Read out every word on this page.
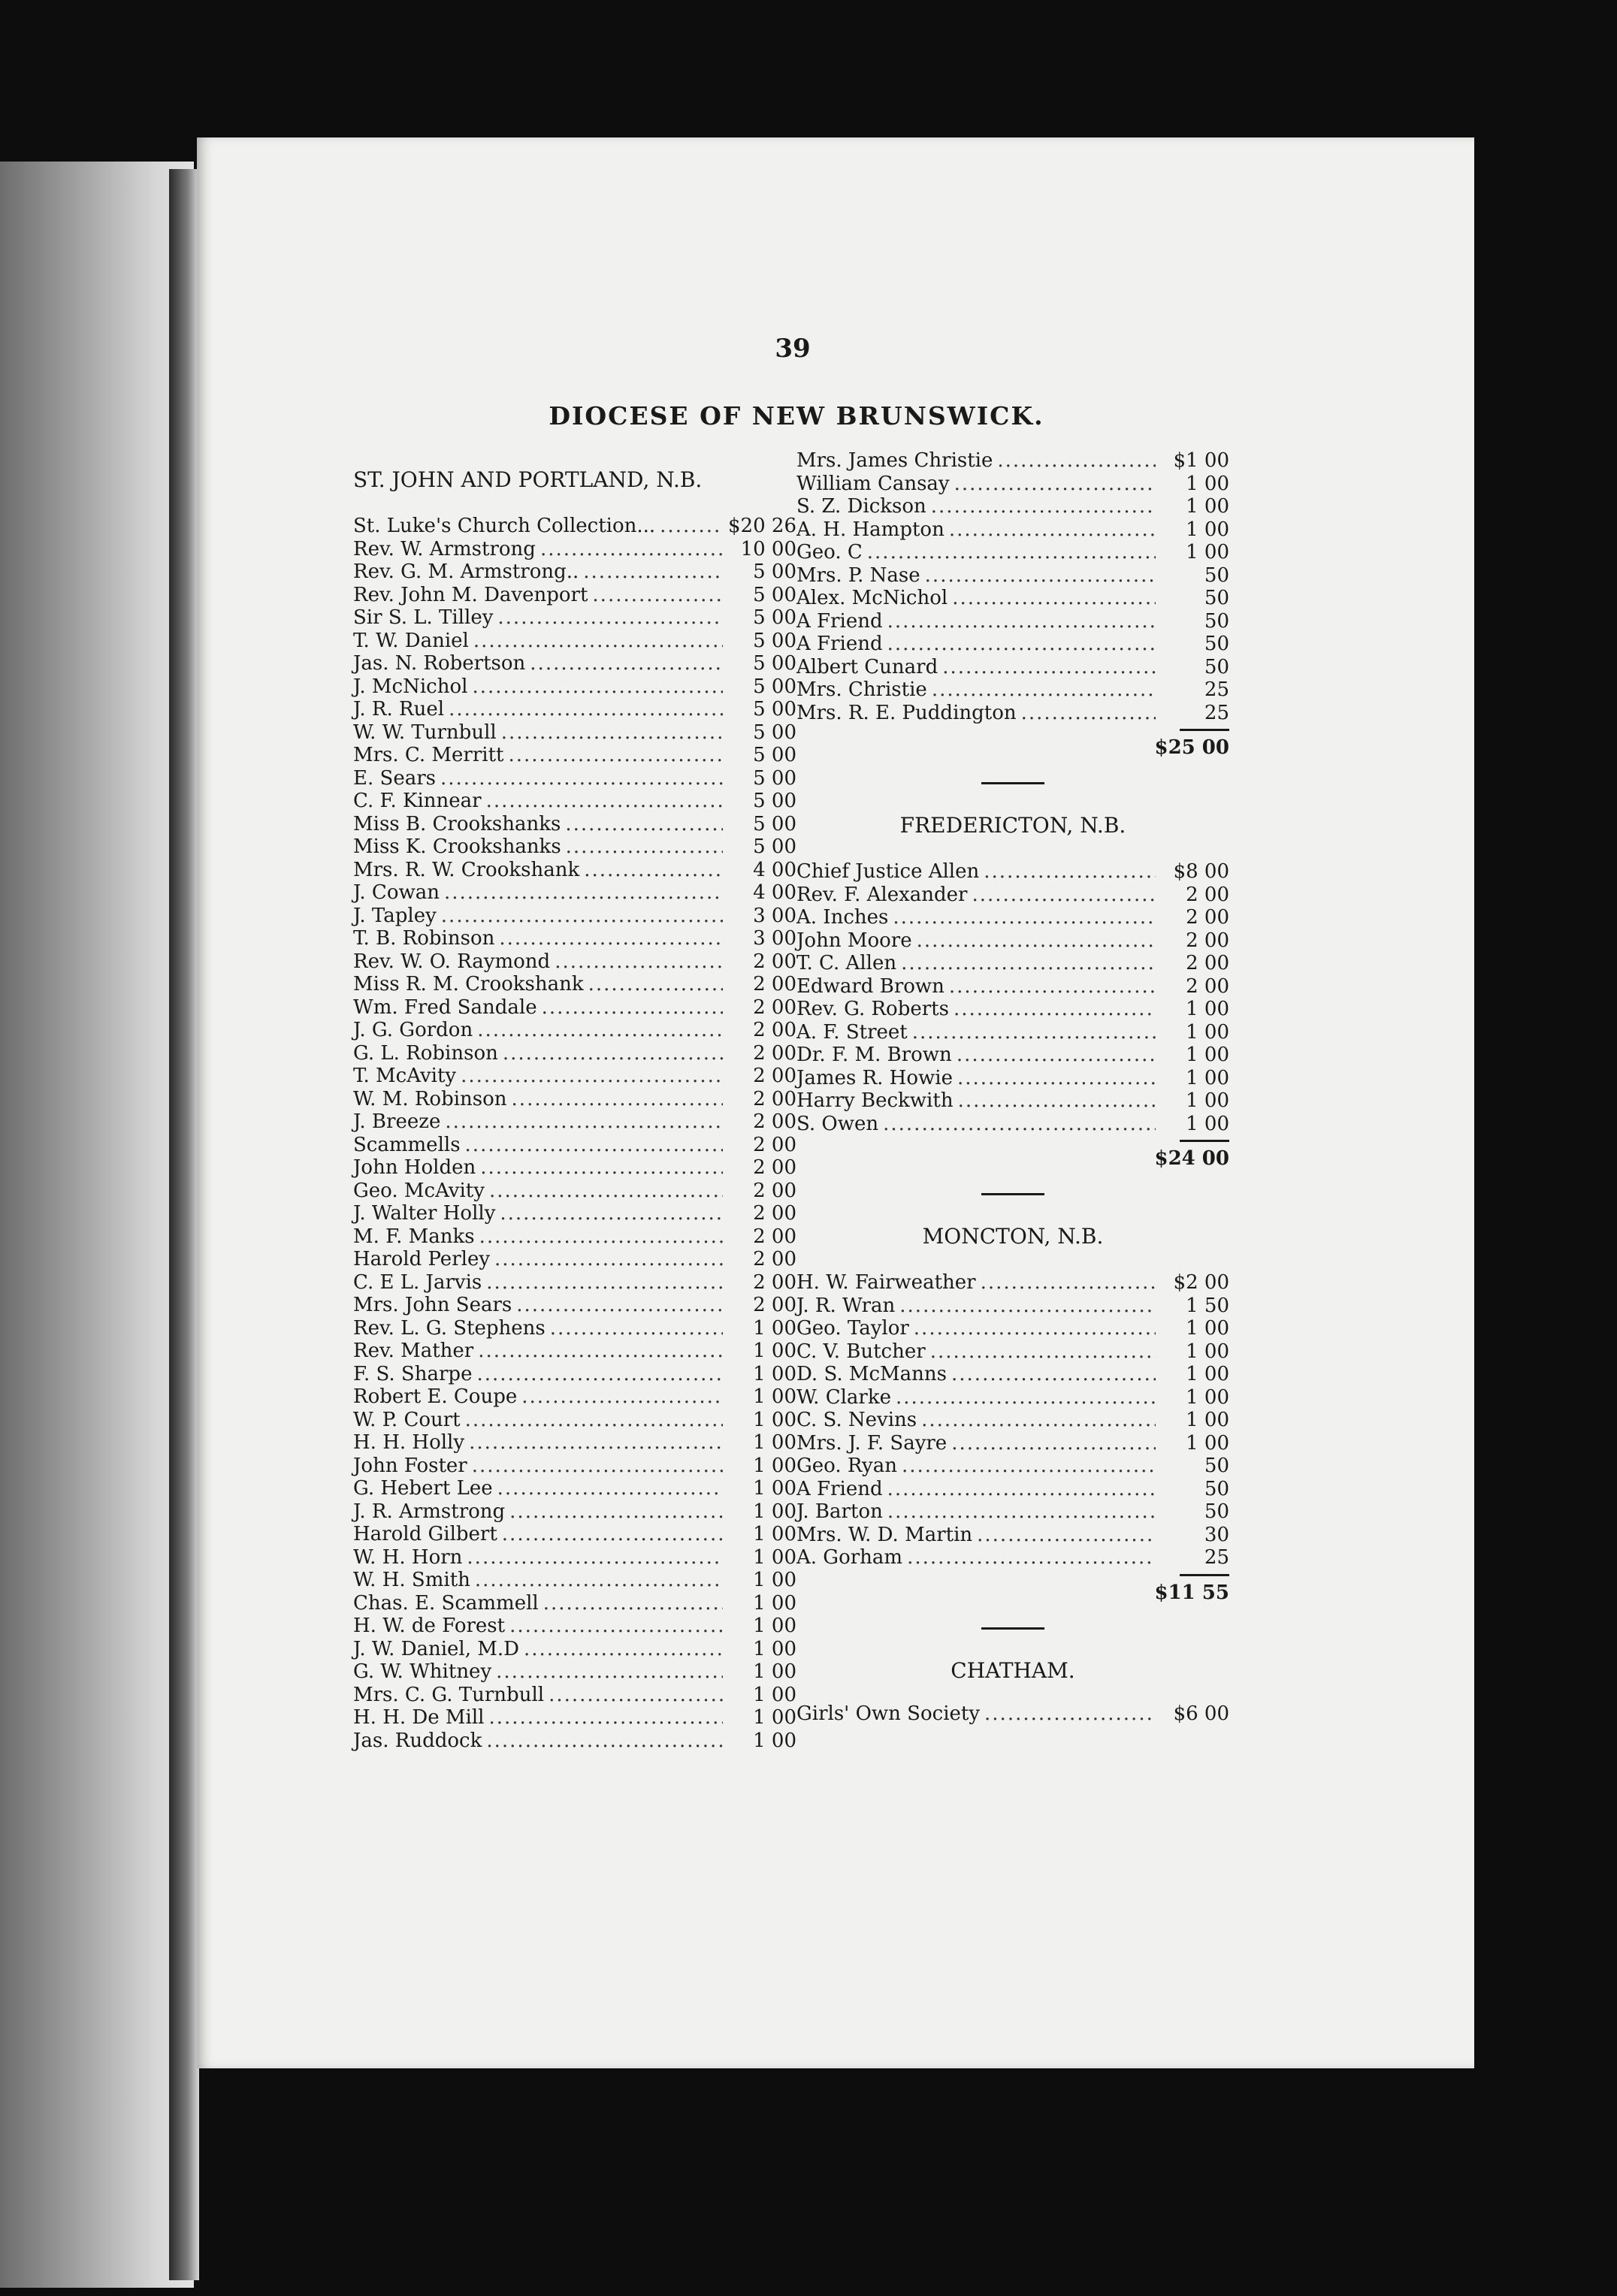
39
DIOCESE OF NEW BRUNSWICK.
ST. JOHN AND PORTLAND, N.B.
St. Luke's Church Collection... .....	$20 26
Rev. W. Armstrong .....	10 00
Rev. G. M. Armstrong.. .....	5 00
Rev. John M. Davenport .....	5 00
Sir S. L. Tilley .....	5 00
T. W. Daniel .....	5 00
Jas. N. Robertson .....	5 00
J. McNichol .....	5 00
J. R. Ruel .....	5 00
W. W. Turnbull .....	5 00
Mrs. C. Merritt .....	5 00
E. Sears .....	5 00
C. F. Kinnear .....	5 00
Miss B. Crookshanks .....	5 00
Miss K. Crookshanks .....	5 00
Mrs. R. W. Crookshank .....	4 00
J. Cowan .....	4 00
J. Tapley .....	3 00
T. B. Robinson .....	3 00
Rev. W. O. Raymond .....	2 00
Miss R. M. Crookshank .....	2 00
Wm. Fred Sandale .....	2 00
J. G. Gordon .....	2 00
G. L. Robinson .....	2 00
T. McAvity .....	2 00
W. M. Robinson .....	2 00
J. Breeze .....	2 00
Scammells .....	2 00
John Holden .....	2 00
Geo. McAvity .....	2 00
J. Walter Holly .....	2 00
M. F. Manks .....	2 00
Harold Perley .....	2 00
C. E L. Jarvis .....	2 00
Mrs. John Sears .....	2 00
Rev. L. G. Stephens .....	1 00
Rev. Mather .....	1 00
F. S. Sharpe .....	1 00
Robert E. Coupe .....	1 00
W. P. Court .....	1 00
H. H. Holly .....	1 00
John Foster .....	1 00
G. Hebert Lee .....	1 00
J. R. Armstrong .....	1 00
Harold Gilbert .....	1 00
W. H. Horn .....	1 00
W. H. Smith .....	1 00
Chas. E. Scammell .....	1 00
H. W. de Forest .....	1 00
J. W. Daniel, M.D .....	1 00
G. W. Whitney .....	1 00
Mrs. C. G. Turnbull .....	1 00
H. H. De Mill .....	1 00
Jas. Ruddock .....	1 00
Mrs. James Christie .....	$1 00
William Cansay .....	1 00
S. Z. Dickson .....	1 00
A. H. Hampton .....	1 00
Geo. C .....	1 00
Mrs. P. Nase .....	50
Alex. McNichol .....	50
A Friend .....	50
A Friend .....	50
Albert Cunard .....	50
Mrs. Christie .....	25
Mrs. R. E. Puddington .....	25
$25 00
FREDERICTON, N.B.
Chief Justice Allen .....	$8 00
Rev. F. Alexander .....	2 00
A. Inches .....	2 00
John Moore .....	2 00
T. C. Allen .....	2 00
Edward Brown .....	2 00
Rev. G. Roberts .....	1 00
A. F. Street .....	1 00
Dr. F. M. Brown .....	1 00
James R. Howie .....	1 00
Harry Beckwith .....	1 00
S. Owen .....	1 00
$24 00
MONCTON, N.B.
H. W. Fairweather .....	$2 00
J. R. Wran .....	1 50
Geo. Taylor .....	1 00
C. V. Butcher .....	1 00
D. S. McManns .....	1 00
W. Clarke .....	1 00
C. S. Nevins .....	1 00
Mrs. J. F. Sayre .....	1 00
Geo. Ryan .....	50
A Friend .....	50
J. Barton .....	50
Mrs. W. D. Martin .....	30
A. Gorham .....	25
$11 55
CHATHAM.
Girls' Own Society .....	$6 00
